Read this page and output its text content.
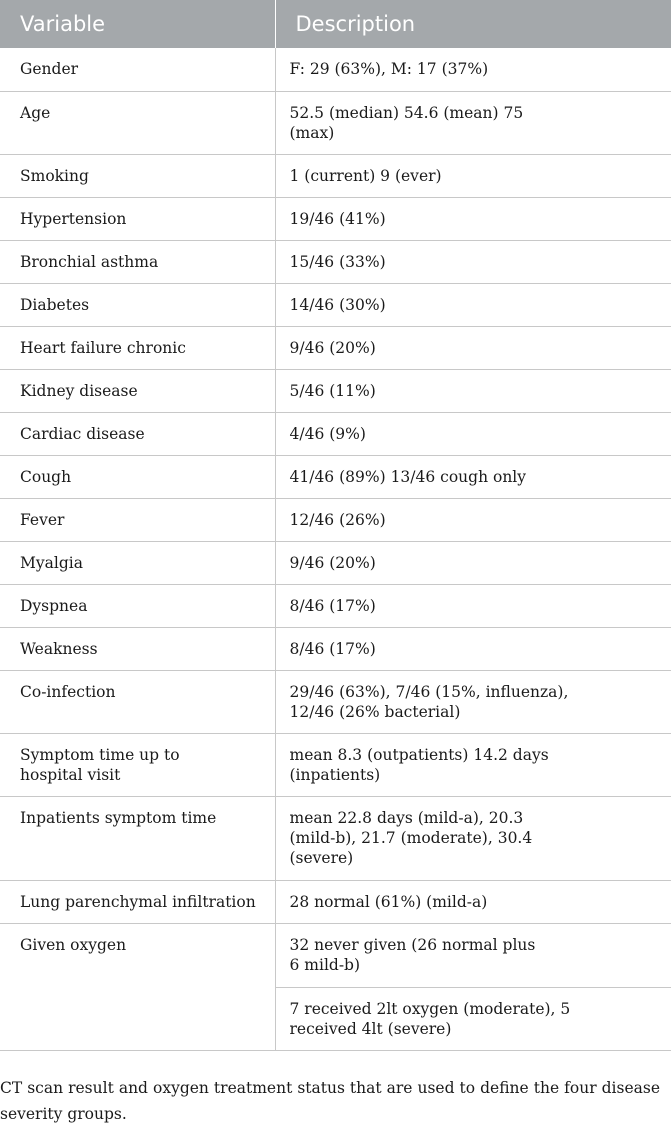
Variable	Description
Gender	F: 29 (63%), M: 17 (37%)
Age	52.5 (median) 54.6 (mean) 75 (max)

Smoking	1 (current) 9 (ever)
Hypertension	19/46 (41%)
Bronchial asthma	15/46 (33%)
Diabetes	14/46 (30%)
Heart failure chronic	9/46 (20%)
Kidney disease	5/46 (11%)
Cardiac disease	4/46 (9%)
Cough	41/46 (89%) 13/46 cough only
Fever	12/46 (26%)
Myalgia	9/46 (20%)
Dyspnea	8/46 (17%)
Weakness	8/46 (17%)
Co-infection	29/46 (63%), 7/46 (15%, influenza), 12/46 (26% bacterial)

Symptom time up to hospital visit	mean 8.3 (outpatients) 14.2 days (inpatients)

Inpatients symptom time	mean 22.8 days (mild-a), 20.3 (mild-b), 21.7 (moderate), 30.4 (severe)

Lung parenchymal infiltration	28 normal (61%) (mild-a)
Given oxygen	32 never given (26 normal plus 6 mild-b)

	7 received 2lt oxygen (moderate), 5 received 4lt (severe)
CT scan result and oxygen treatment status that are used to define the four disease severity groups.
